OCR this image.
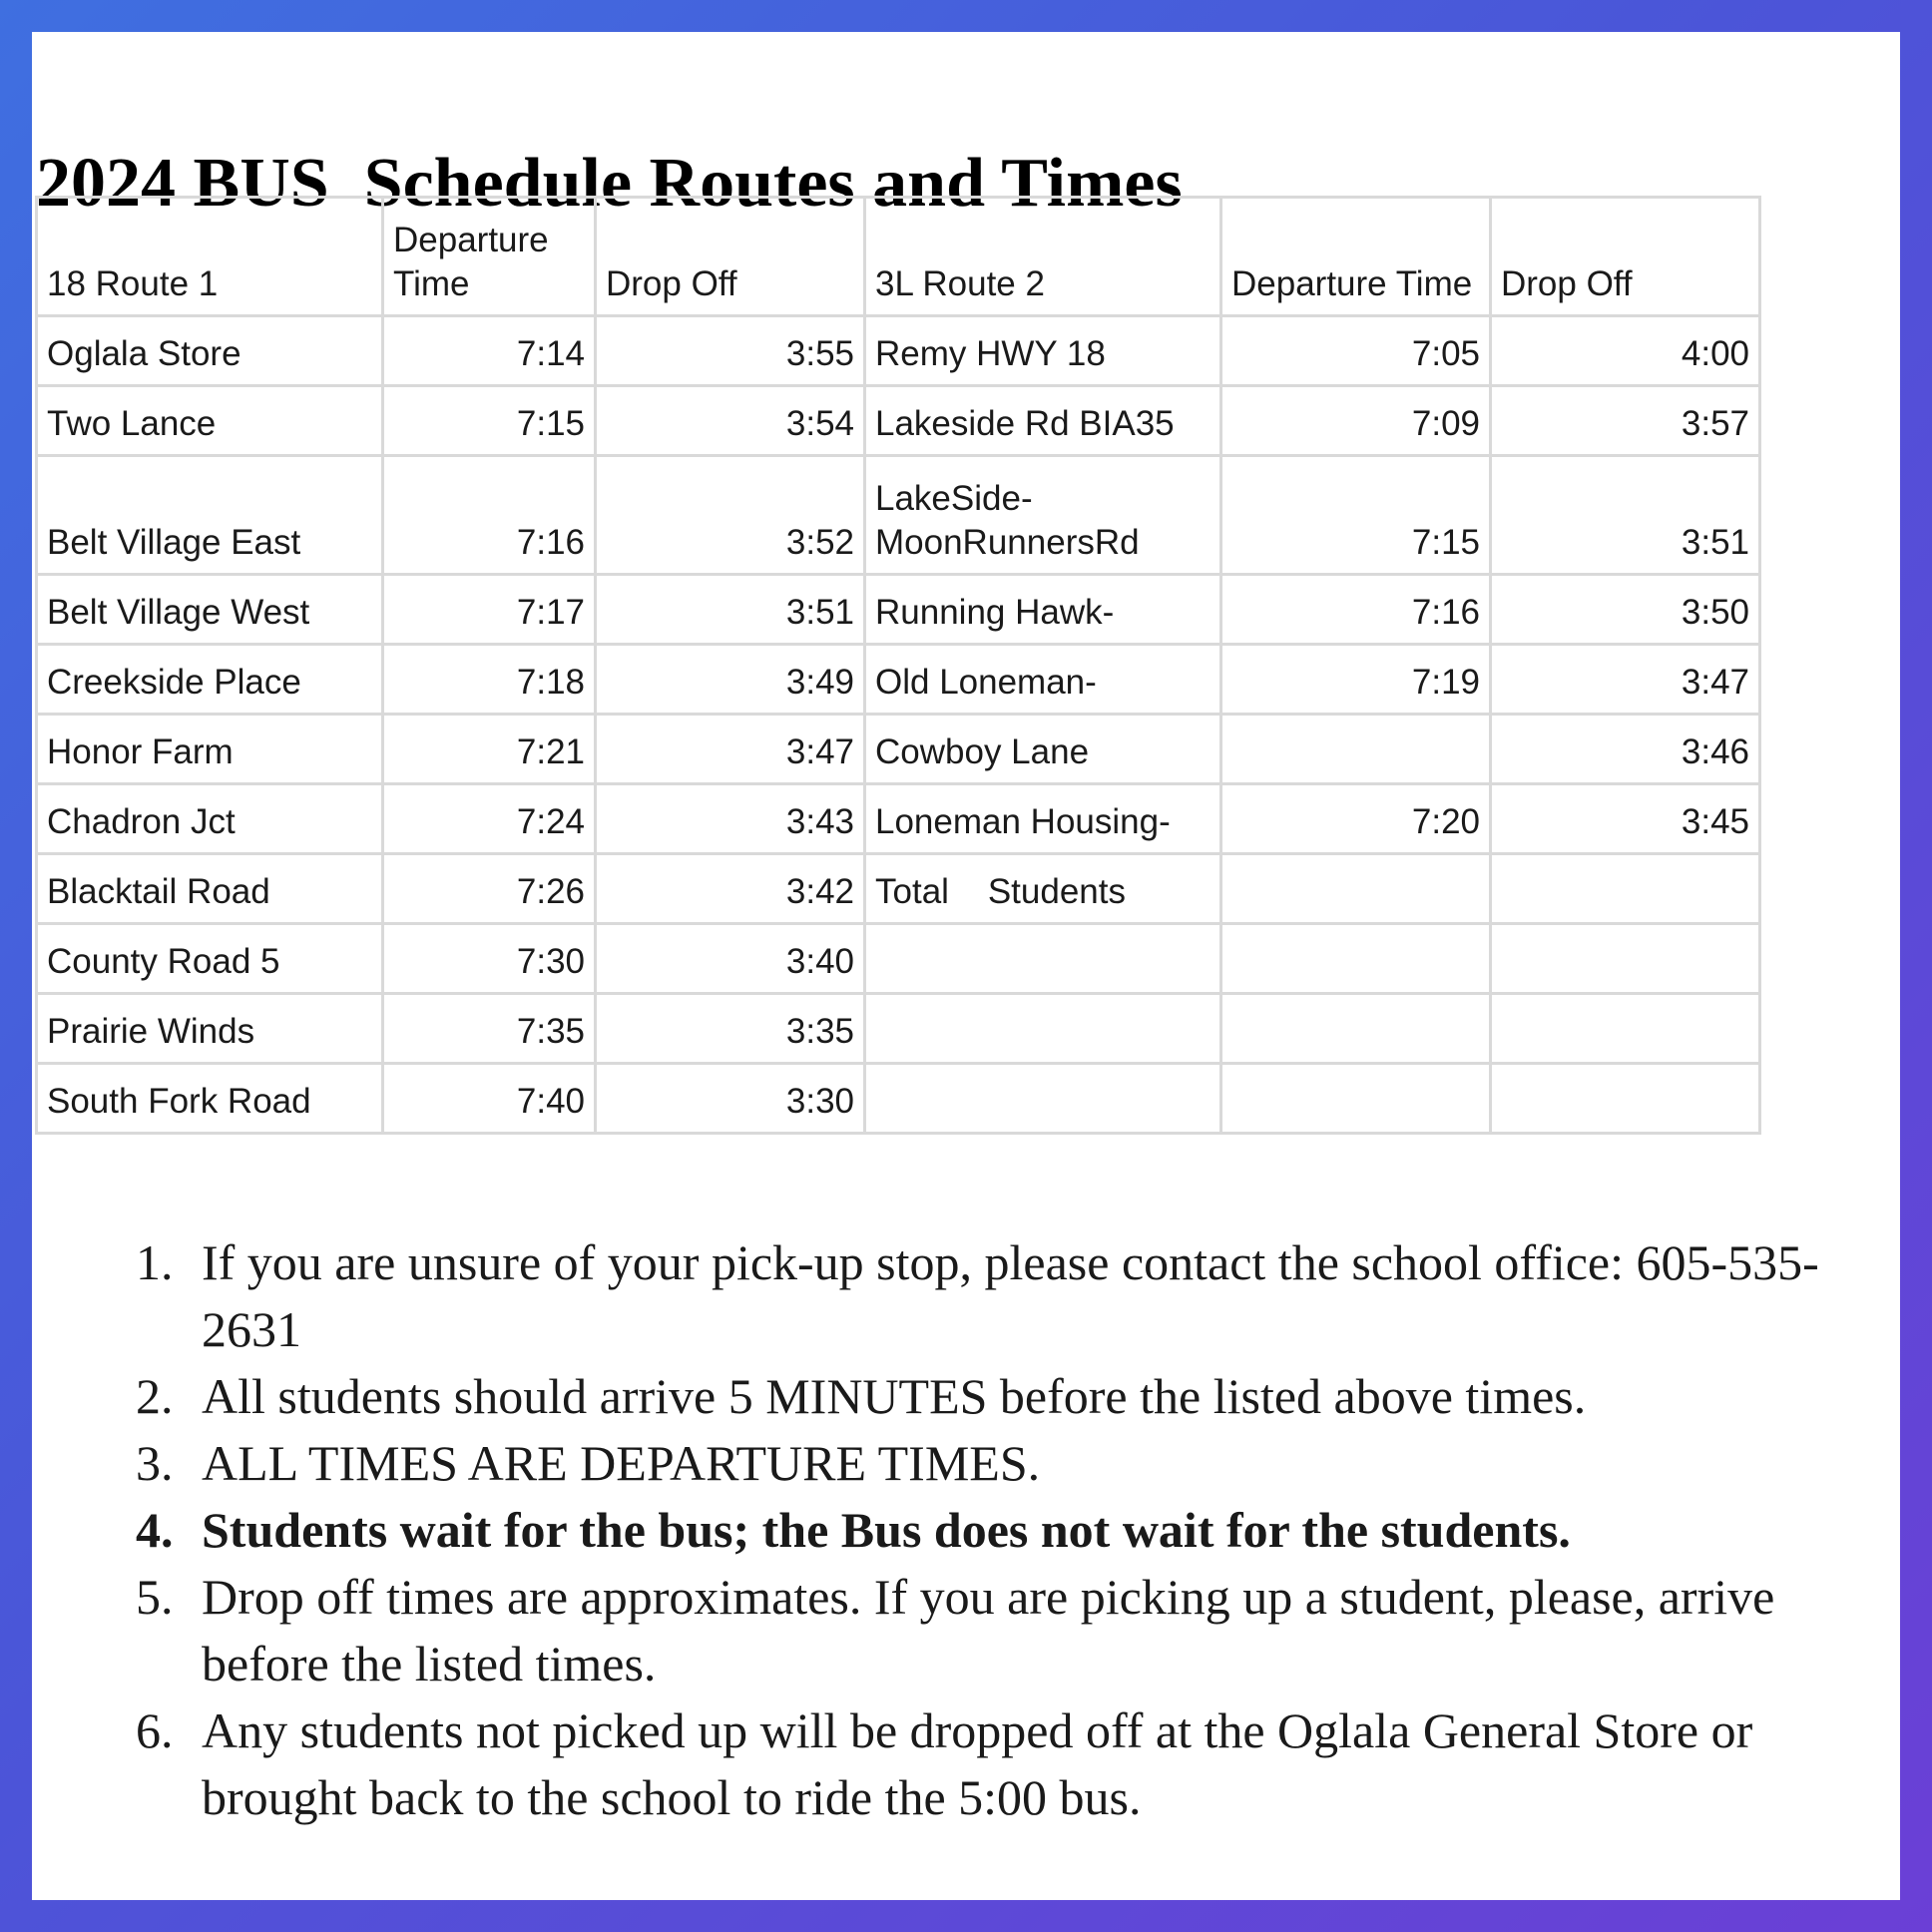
2024 BUS  Schedule Routes and Times
18 Route 1	Departure Time	Drop Off	3L Route 2	Departure Time	Drop Off
Oglala Store	7:14	3:55	Remy HWY 18	7:05	4:00
Two Lance	7:15	3:54	Lakeside Rd BIA35	7:09	3:57
Belt Village East	7:16	3:52	LakeSide- MoonRunnersRd	7:15	3:51
Belt Village West	7:17	3:51	Running Hawk-	7:16	3:50
Creekside Place	7:18	3:49	Old Loneman-	7:19	3:47
Honor Farm	7:21	3:47	Cowboy Lane		3:46
Chadron Jct	7:24	3:43	Loneman Housing-	7:20	3:45
Blacktail Road	7:26	3:42	Total    Students		
County Road 5	7:30	3:40			
Prairie Winds	7:35	3:35			
South Fork Road	7:40	3:30			
1. If you are unsure of your pick-up stop, please contact the school office: 605-535-2631
2. All students should arrive 5 MINUTES before the listed above times.
3. ALL TIMES ARE DEPARTURE TIMES.
4. Students wait for the bus; the Bus does not wait for the students.
5. Drop off times are approximates. If you are picking up a student, please, arrive before the listed times.
6. Any students not picked up will be dropped off at the Oglala General Store or brought back to the school to ride the 5:00 bus.
